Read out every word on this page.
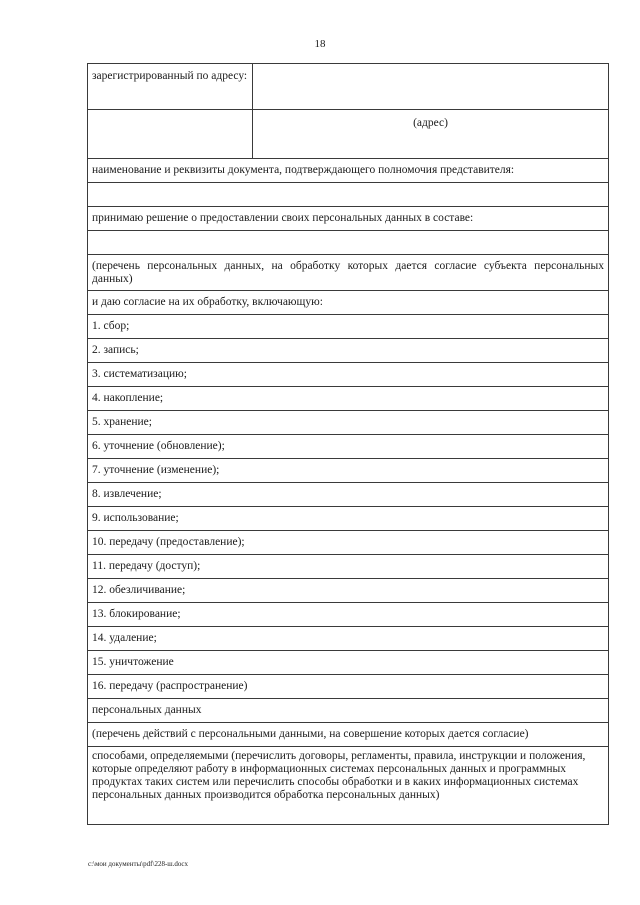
18
зарегистрированный по адресу:	
	(адрес)
наименование и реквизиты документа, подтверждающего полномочия представителя:	

принимаю решение о предоставлении своих персональных данных в составе:	

(перечень персональных данных, на обработку которых дается согласие субъекта персональных данных)	
и даю согласие на их обработку, включающую:	
1. сбор;	
2. запись;	
3. систематизацию;	
4. накопление;	
5. хранение;	
6. уточнение (обновление);	
7. уточнение (изменение);	
8. извлечение;	
9. использование;	
10. передачу (предоставление);	
11. передачу (доступ);	
12. обезличивание;	
13. блокирование;	
14. удаление;	
15. уничтожение	
16. передачу (распространение)	
персональных данных	
(перечень действий с персональными данными, на совершение которых дается согласие)	
способами, определяемыми (перечислить договоры, регламенты, правила, инструкции и положения, которые определяют работу в информационных системах персональных данных и программных продуктах таких систем или перечислить способы обработки и в каких информационных системах персональных данных производится обработка персональных данных)	
c:\мои документы\pdf\228-ш.docx
